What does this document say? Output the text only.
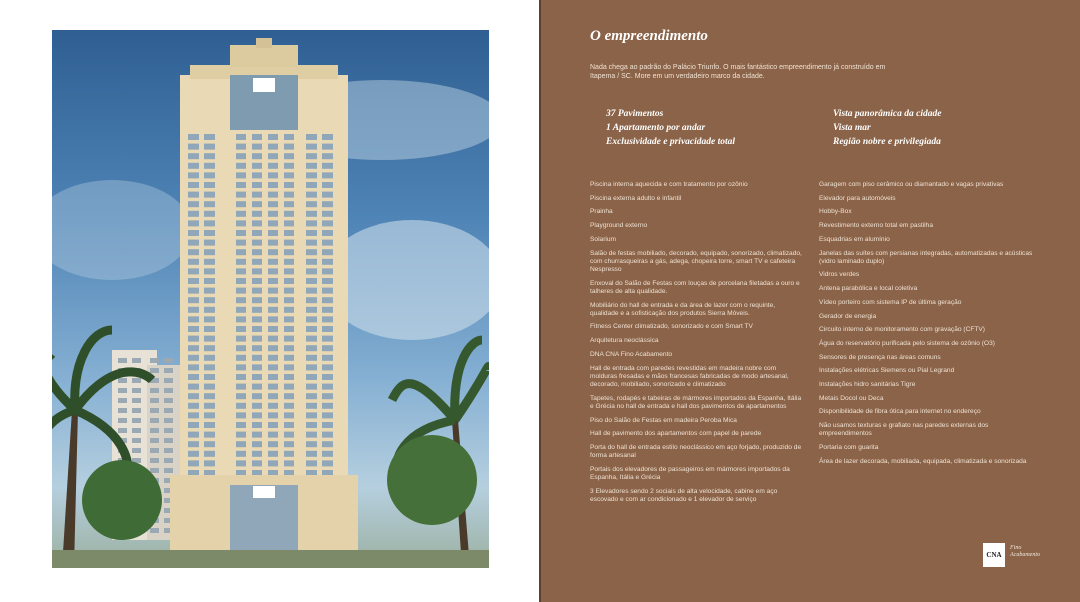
O empreendimento

Nada chega ao padrão do Palácio Triunfo. O mais fantástico empreendimento já construído em Itapema / SC. More em um verdadeiro marco da cidade.

37 Pavimentos
1 Apartamento por andar
Exclusividade e privacidade total
Vista panorâmica da cidade
Vista mar
Região nobre e privilegiada
Piscina interna aquecida e com tratamento por ozônio
Piscina externa adulto e infantil
Prainha
Playground externo
Solarium
Salão de festas mobiliado, decorado, equipado, sonorizado, climatizado, com churrasqueiras a gás, adega, chopeira torre, smart TV e cafeteira Nespresso
Enxoval do Salão de Festas com louças de porcelana filetadas a ouro e talheres de alta qualidade.
Mobiliário do hall de entrada e da área de lazer com o requinte, qualidade e a sofisticação dos produtos Sierra Móveis.
Fitness Center climatizado, sonorizado e com Smart TV
Arquitetura neoclássica
DNA CNA Fino Acabamento
Hall de entrada com paredes revestidas em madeira nobre com molduras fresadas e mãos francesas fabricadas de modo artesanal, decorado, mobiliado, sonorizado e climatizado
Tapetes, rodapés e tabeiras de mármores importados da Espanha, Itália e Grécia no hall de entrada e hall dos pavimentos de apartamentos
Piso do Salão de Festas em madeira Peroba Mica
Hall de pavimento dos apartamentos com papel de parede
Porta do hall de entrada estilo neoclássico em aço forjado, produzido de forma artesanal
Portais dos elevadores de passageiros em mármores importados da Espanha, Itália e Grécia
3 Elevadores sendo 2 sociais de alta velocidade, cabine em aço escovado e com ar condicionado e 1 elevador de serviço
Garagem com piso cerâmico ou diamantado e vagas privativas
Elevador para automóveis
Hobby-Box
Revestimento externo total em pastilha
Esquadrias em alumínio
Janelas das suítes com persianas integradas, automatizadas e acústicas (vidro laminado duplo)
Vidros verdes
Antena parabólica e local coletiva
Vídeo porteiro com sistema IP de última geração
Gerador de energia
Circuito interno de monitoramento com gravação (CFTV)
Água do reservatório purificada pelo sistema de ozônio (O3)
Sensores de presença nas áreas comuns
Instalações elétricas Siemens ou Pial Legrand
Instalações hidro sanitárias Tigre
Metais Docol ou Deca
Disponibilidade de fibra ótica para internet no endereço
Não usamos texturas e grafiato nas paredes externas dos empreendimentos
Portaria com guarita
Área de lazer decorada, mobiliada, equipada, climatizada e sonorizada
CNA
Fino Acabamento
